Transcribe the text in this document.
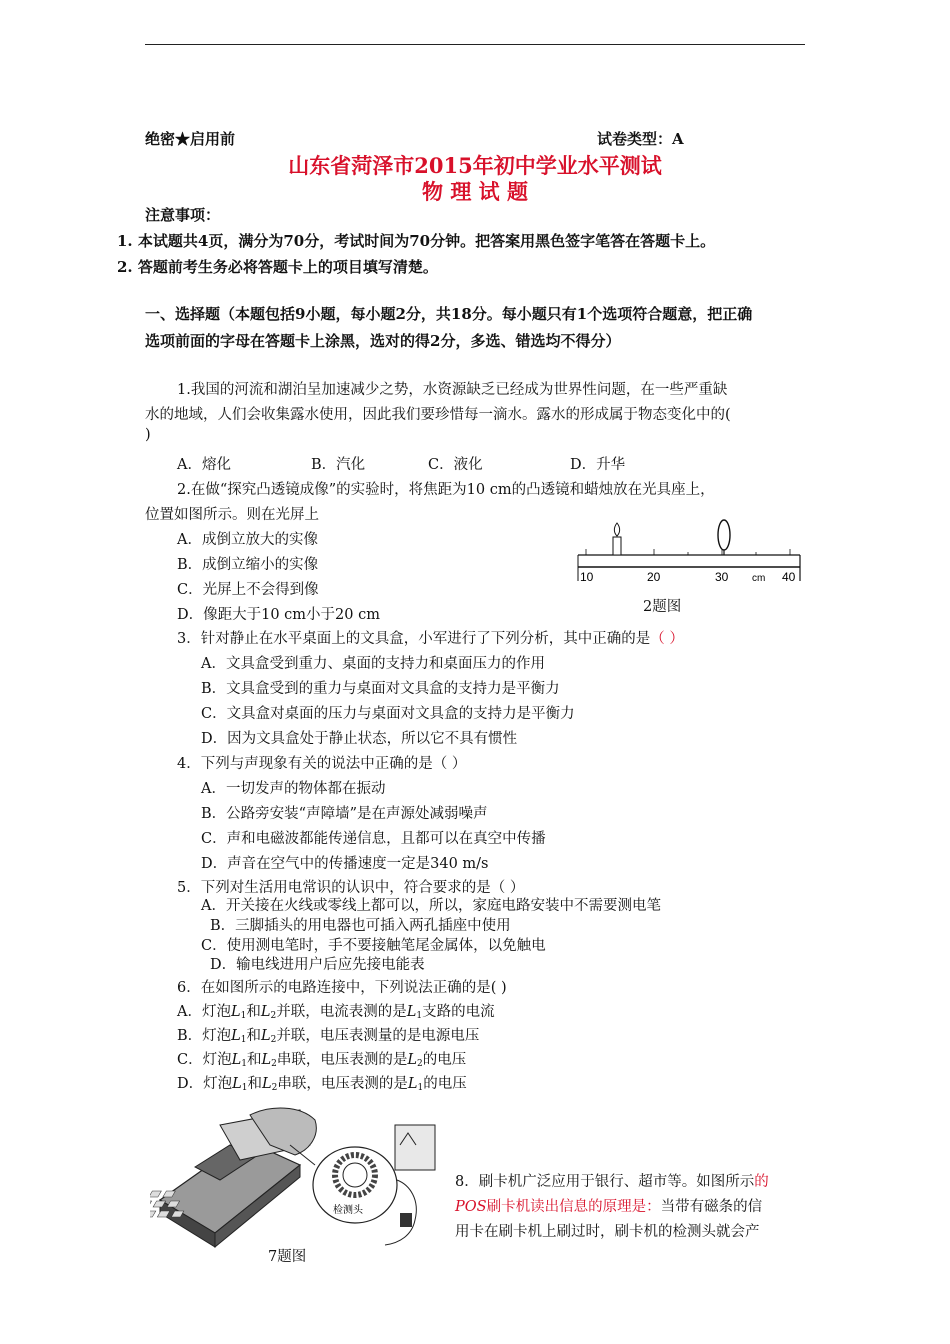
绝密★启用前	试卷类型：A
山东省菏泽市2015年初中学业水平测试
物 理 试 题
注意事项：
1. 本试题共4页，满分为70分，考试时间为70分钟。把答案用黑色签字笔答在答题卡上。
2. 答题前考生务必将答题卡上的项目填写清楚。
一、选择题（本题包括9小题，每小题2分，共18分。每小题只有1个选项符合题意，把正确
选项前面的字母在答题卡上涂黑，选对的得2分，多选、错选均不得分）
1.我国的河流和湖泊呈加速减少之势，水资源缺乏已经成为世界性问题，在一些严重缺
水的地域，人们会收集露水使用，因此我们要珍惜每一滴水。露水的形成属于物态变化中的(
)
A．熔化	B．汽化	C．液化	D．升华
2.在做“探究凸透镜成像”的实验时，将焦距为10 cm的凸透镜和蜡烛放在光具座上，
位置如图所示。则在光屏上
A．成倒立放大的实像
B．成倒立缩小的实像
C．光屏上不会得到像
D．像距大于10 cm小于20 cm
10	20	30 cm 40
2题图
3．针对静止在水平桌面上的文具盒，小军进行了下列分析，其中正确的是（ ）
A．文具盒受到重力、桌面的支持力和桌面压力的作用
B．文具盒受到的重力与桌面对文具盒的支持力是平衡力
C．文具盒对桌面的压力与桌面对文具盒的支持力是平衡力
D．因为文具盒处于静止状态，所以它不具有惯性
4．下列与声现象有关的说法中正确的是（ ）
A．一切发声的物体都在振动
B．公路旁安装“声障墙”是在声源处减弱噪声
C．声和电磁波都能传递信息，且都可以在真空中传播
D．声音在空气中的传播速度一定是340 m/s
5．下列对生活用电常识的认识中，符合要求的是（ ）
A．开关接在火线或零线上都可以，所以，家庭电路安装中不需要测电笔
B．三脚插头的用电器也可插入两孔插座中使用
C．使用测电笔时，手不要接触笔尾金属体，以免触电
D．输电线进用户后应先接电能表
6．在如图所示的电路连接中，下列说法正确的是( )
A．灯泡$L_1$和$L_2$并联，电流表测的是$L_1$支路的电流
B．灯泡$L_1$和$L_2$并联，电压表测量的是电源电压
C．灯泡$L_1$和$L_2$串联，电压表测的是$L_2$的电压
D．灯泡$L_1$和$L_2$串联，电压表测的是$L_1$的电压
检测头
7题图
8．刷卡机广泛应用于银行、超市等。如图所示的
POS刷卡机读出信息的原理是：当带有磁条的信
用卡在刷卡机上刷过时，刷卡机的检测头就会产
